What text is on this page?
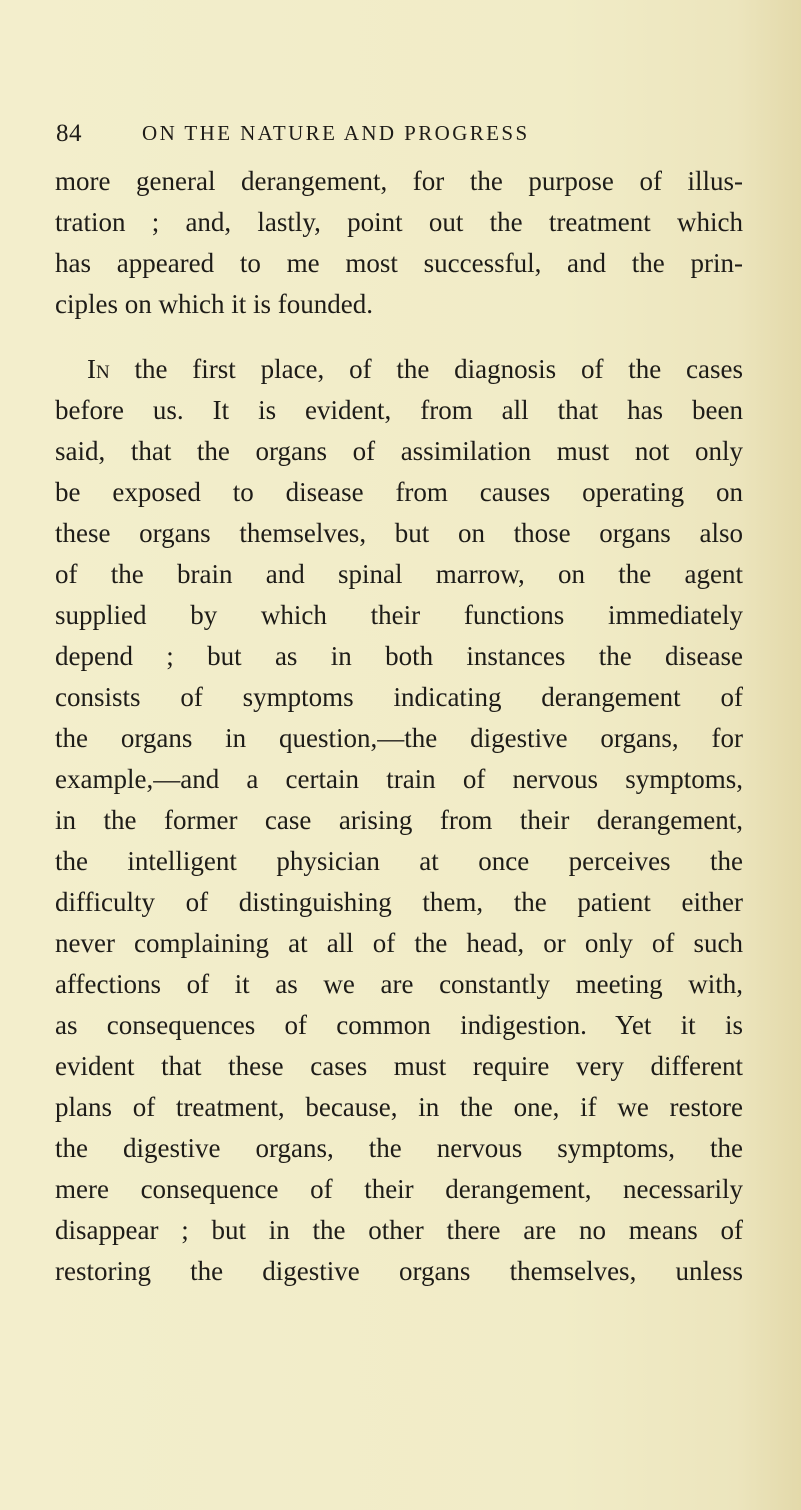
84	ON THE NATURE AND PROGRESS
more general derangement, for the purpose of illus-
tration ; and, lastly, point out the treatment which
has appeared to me most successful, and the prin-
ciples on which it is founded.
In the first place, of the diagnosis of the cases
before us. It is evident, from all that has been
said, that the organs of assimilation must not only
be exposed to disease from causes operating on
these organs themselves, but on those organs also
of the brain and spinal marrow, on the agent
supplied by which their functions immediately
depend ; but as in both instances the disease
consists of symptoms indicating derangement of
the organs in question,—the digestive organs, for
example,—and a certain train of nervous symptoms,
in the former case arising from their derangement,
the intelligent physician at once perceives the
difficulty of distinguishing them, the patient either
never complaining at all of the head, or only of such
affections of it as we are constantly meeting with,
as consequences of common indigestion. Yet it is
evident that these cases must require very different
plans of treatment, because, in the one, if we restore
the digestive organs, the nervous symptoms, the
mere consequence of their derangement, necessarily
disappear ; but in the other there are no means of
restoring the digestive organs themselves, unless
